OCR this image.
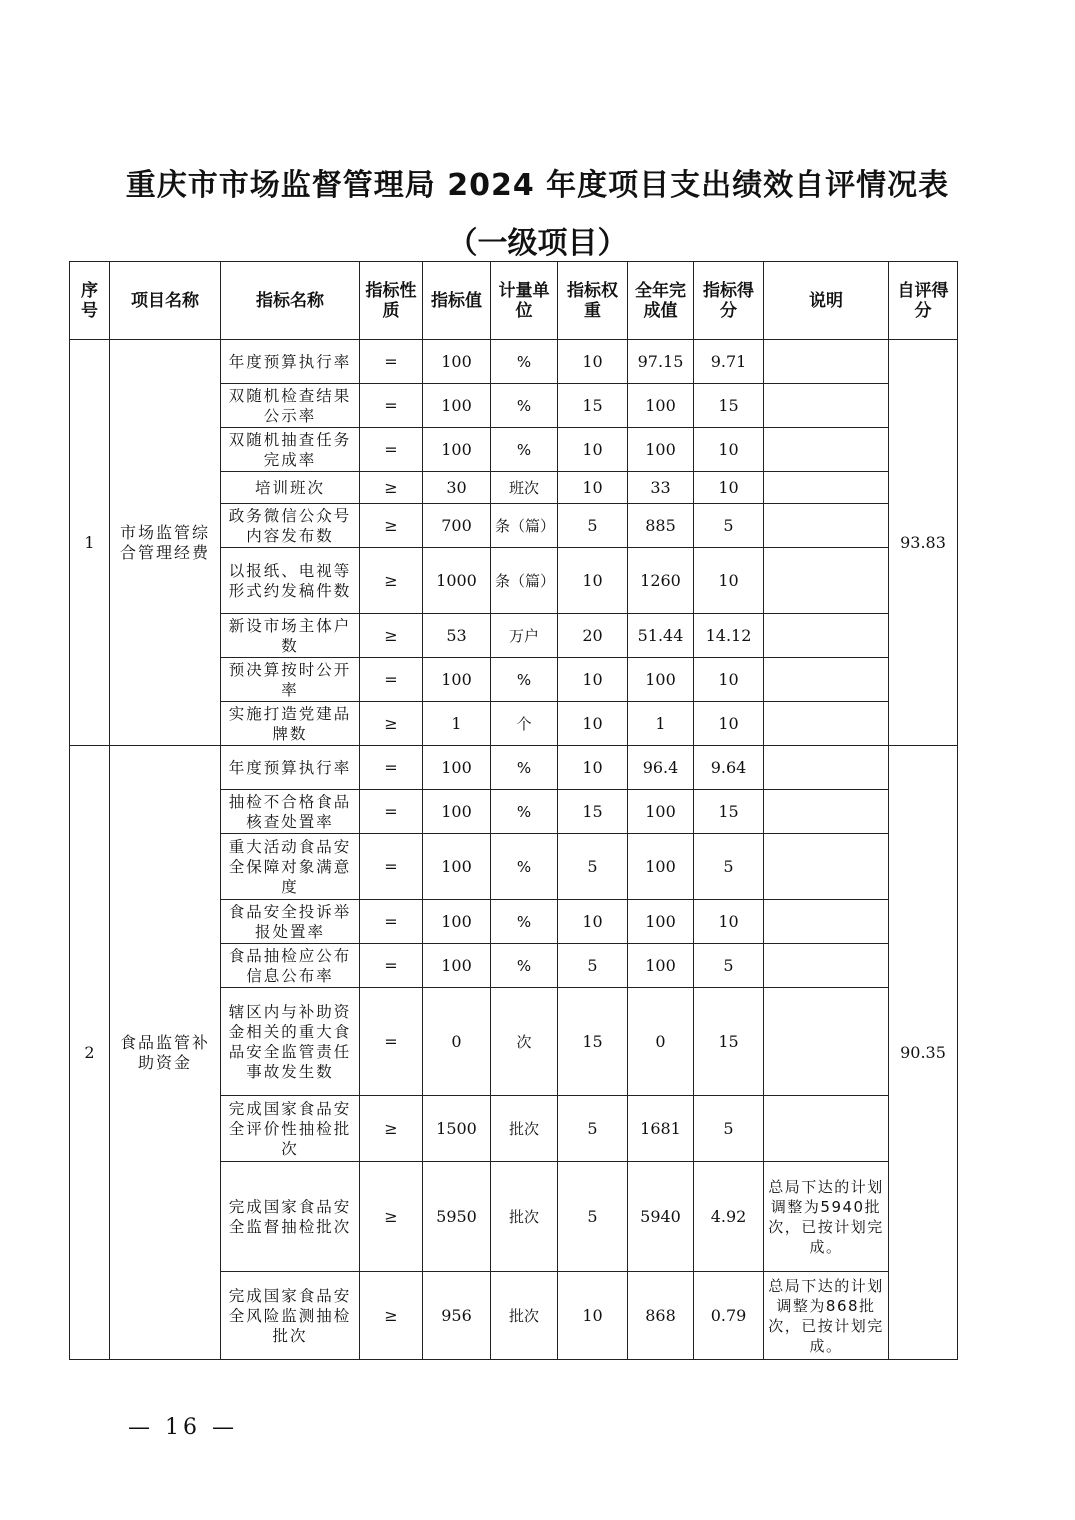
重庆市市场监督管理局 2024 年度项目支出绩效自评情况表
（一级项目）
序号	项目名称	指标名称	指标性质	指标值	计量单位	指标权重	全年完成值	指标得分	说明	自评得分
1	市场监管综合管理经费	年度预算执行率	=	100	%	10	97.15	9.71		93.83
		双随机检查结果公示率	=	100	%	15	100	15		
		双随机抽查任务完成率	=	100	%	10	100	10		
		培训班次	≥	30	班次	10	33	10		
		政务微信公众号内容发布数	≥	700	条（篇）	5	885	5		
		以报纸、电视等形式约发稿件数	≥	1000	条（篇）	10	1260	10		
		新设市场主体户数	≥	53	万户	20	51.44	14.12		
		预决算按时公开率	=	100	%	10	100	10		
		实施打造党建品牌数	≥	1	个	10	1	10		
2	食品监管补助资金	年度预算执行率	=	100	%	10	96.4	9.64		90.35
		抽检不合格食品核查处置率	=	100	%	15	100	15		
		重大活动食品安全保障对象满意度	=	100	%	5	100	5		
		食品安全投诉举报处置率	=	100	%	10	100	10		
		食品抽检应公布信息公布率	=	100	%	5	100	5		
		辖区内与补助资金相关的重大食品安全监管责任事故发生数	=	0	次	15	0	15		
		完成国家食品安全评价性抽检批次	≥	1500	批次	5	1681	5		
		完成国家食品安全监督抽检批次	≥	5950	批次	5	5940	4.92	总局下达的计划调整为5940批次，已按计划完成。	
		完成国家食品安全风险监测抽检批次	≥	956	批次	10	868	0.79	总局下达的计划调整为868批次，已按计划完成。	
— 16 —
